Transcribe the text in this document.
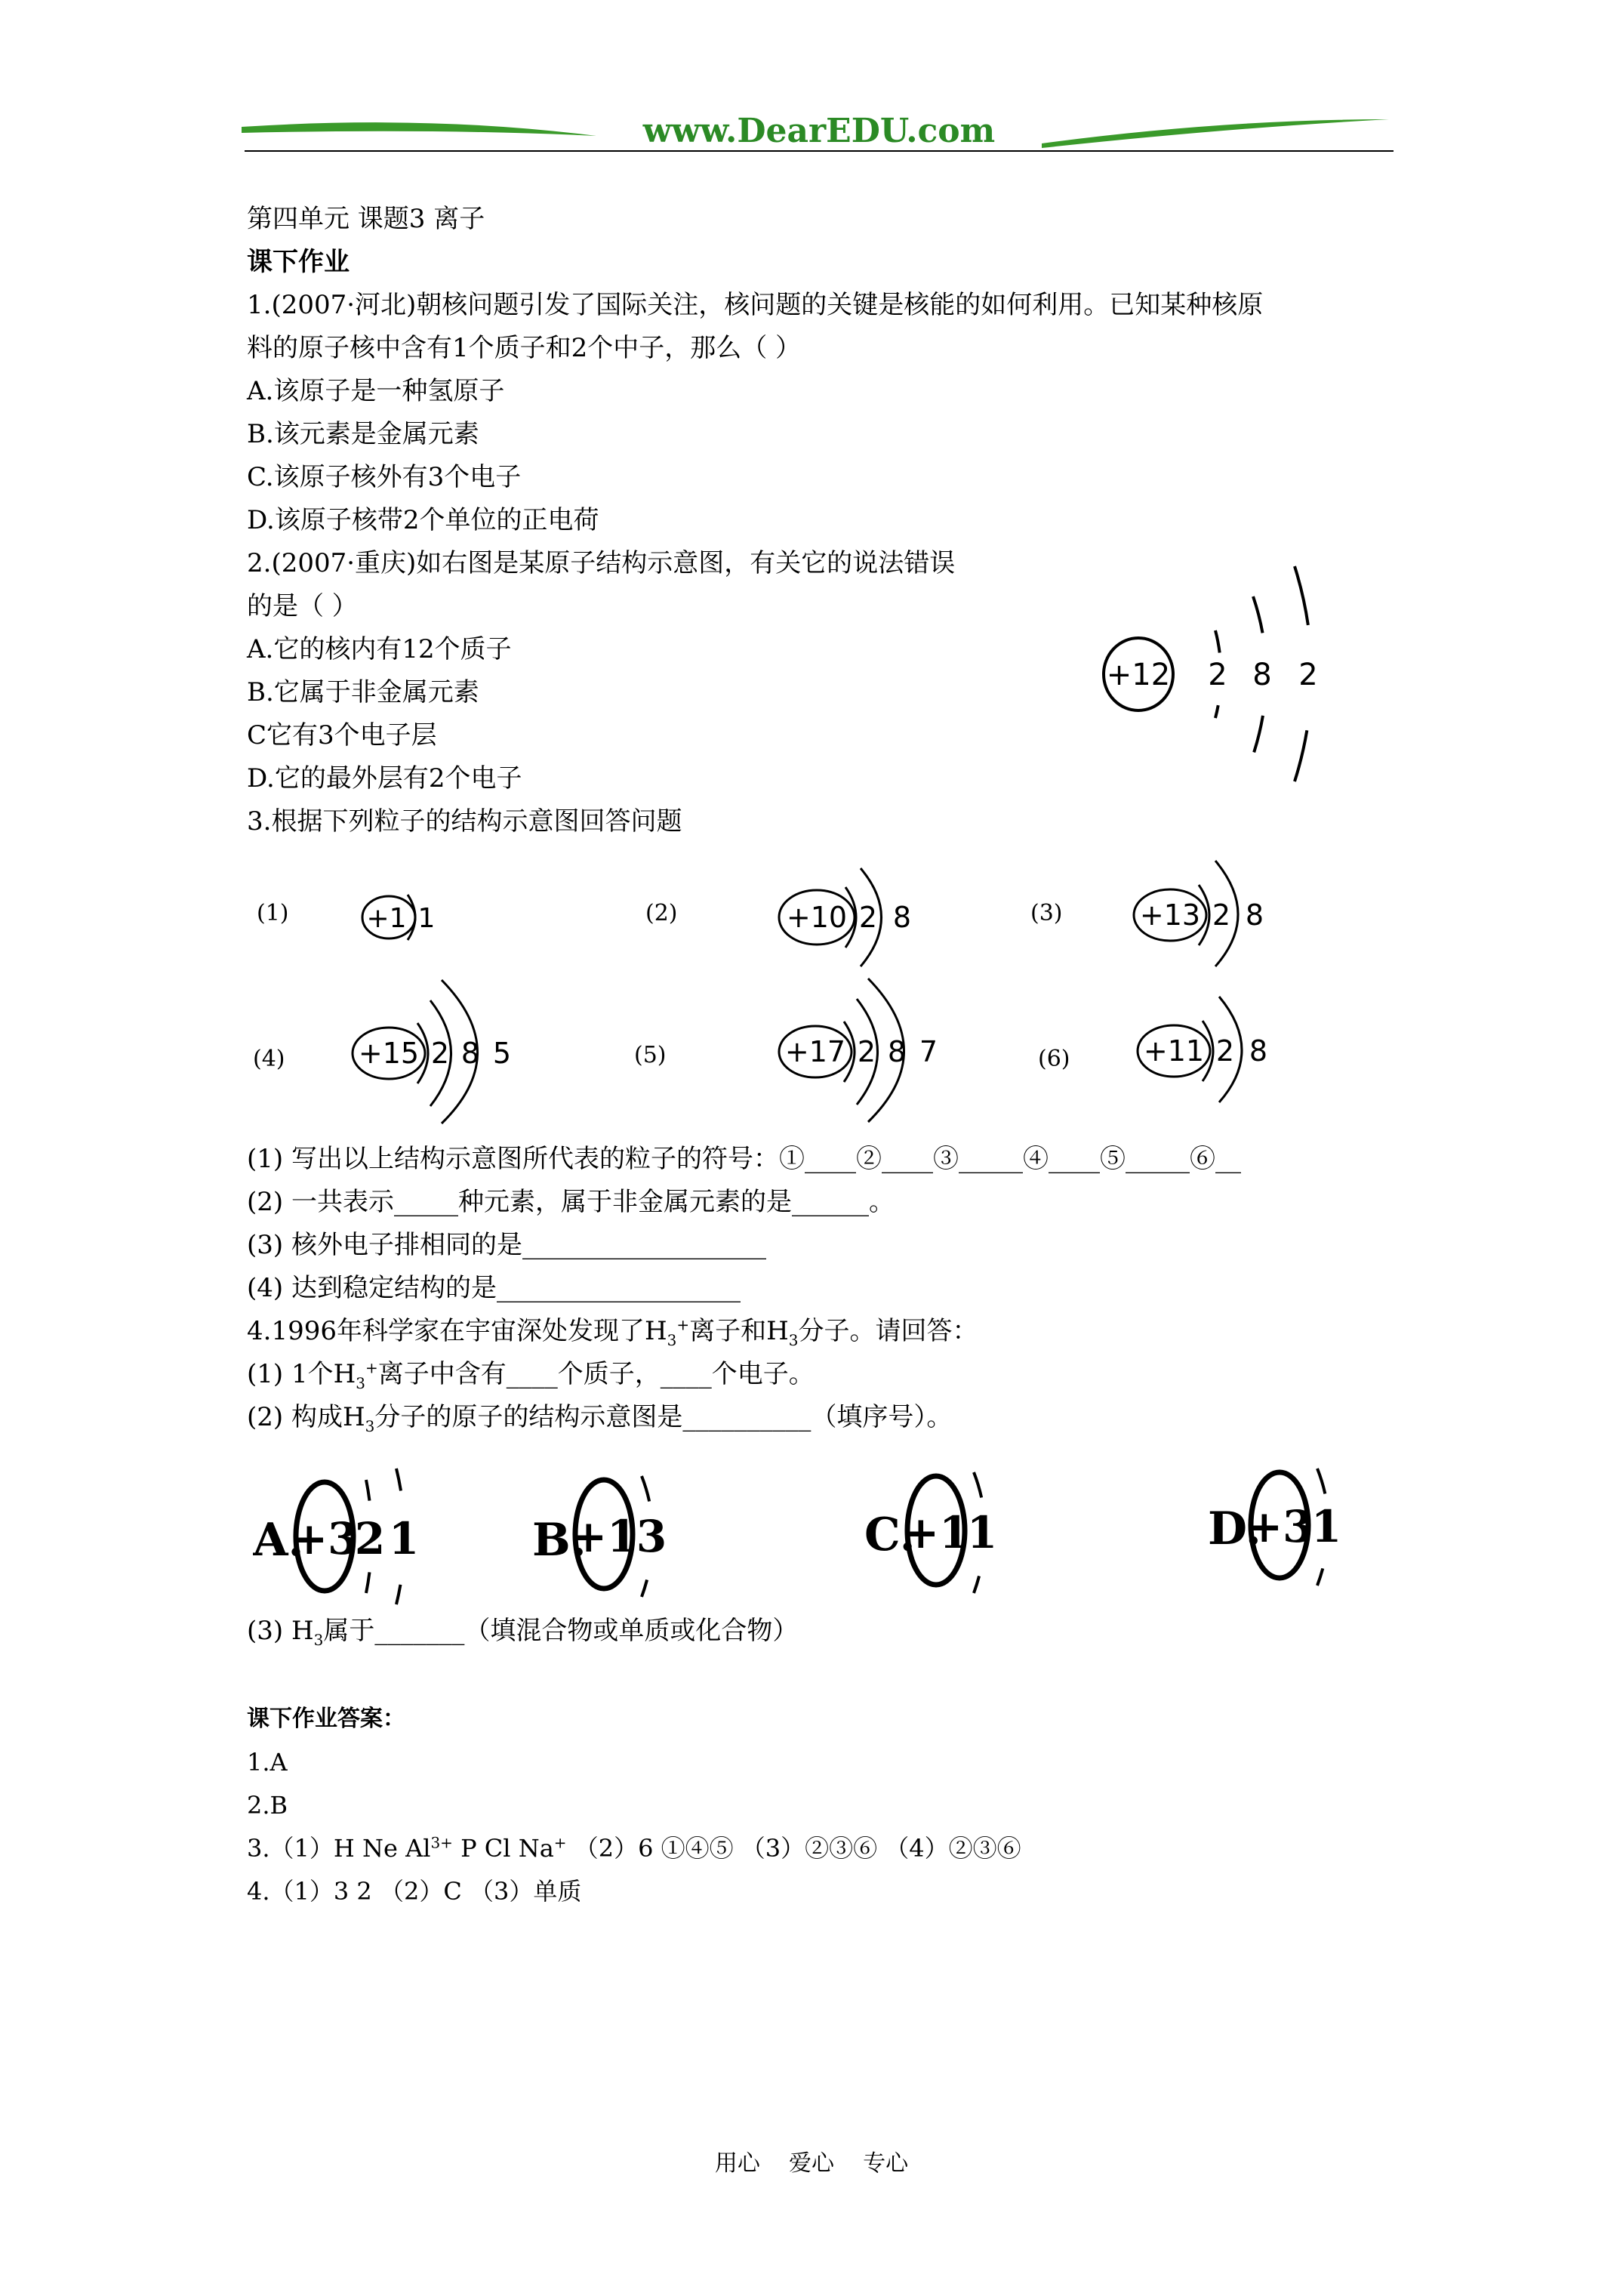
www.DearEDU.com
第四单元 课题3 离子
课下作业
1.(2007·河北)朝核问题引发了国际关注，核问题的关键是核能的如何利用。已知某种核原
料的原子核中含有1个质子和2个中子，那么（ ）
A.该原子是一种氢原子
B.该元素是金属元素
C.该原子核外有3个电子
D.该原子核带2个单位的正电荷
2.(2007·重庆)如右图是某原子结构示意图，有关它的说法错误
的是（ ）
A.它的核内有12个质子
B.它属于非金属元素
C它有3个电子层
D.它的最外层有2个电子
+12 2 8 2
3.根据下列粒子的结构示意图回答问题
(1)	+1 1	(2)	+10 2 8	(3)	+13 2 8
(4)	+15 2 8 5	(5)	+17 2 8 7	(6)	+11 2 8
(1) 写出以上结构示意图所代表的粒子的符号：①____②____③_____④____⑤_____⑥__
(2) 一共表示_____种元素，属于非金属元素的是______。
(3) 核外电子排相同的是___________________
(4) 达到稳定结构的是___________________
4.1996年科学家在宇宙深处发现了$H_3^+$离子和$H_3$分子。请回答：
(1) 1个$H_3^+$离子中含有____个质子，____个电子。
(2) 构成$H_3$分子的原子的结构示意图是__________（填序号）。
A.
+3
2 1 B.
+1
3	C.
+1
1	D.
+3
1
(3) $H_3$属于_______（填混合物或单质或化合物）
课下作业答案：
1.A
2.B
3.（1）H Ne $Al^{3+}$ P Cl Na+ （2）6 ①④⑤ （3）②③⑥ （4）②③⑥
4.（1）3 2 （2）C （3）单质
用心    爱心    专心
